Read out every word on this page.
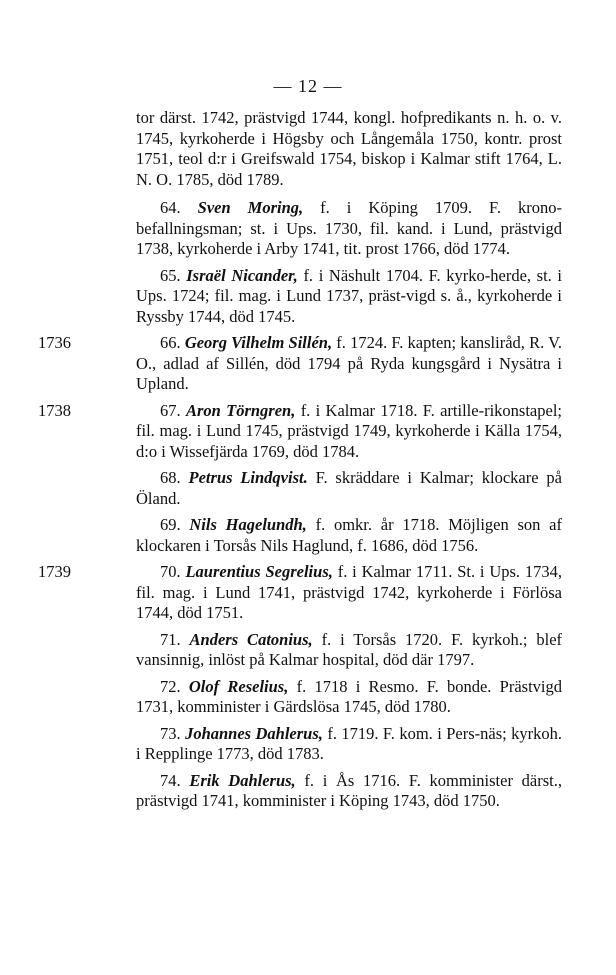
— 12 —

tor därst. 1742, prästvigd 1744, kongl. hofpredikants n. h. o. v. 1745, kyrkoherde i Högsby och Långemåla 1750, kontr. prost 1751, teol d:r i Greifswald 1754, biskop i Kalmar stift 1764, L. N. O. 1785, död 1789.

64. Sven Moring, f. i Köping 1709. F. krono-befallningsman; st. i Ups. 1730, fil. kand. i Lund, prästvigd 1738, kyrkoherde i Arby 1741, tit. prost 1766, död 1774.

65. Israël Nicander, f. i Näshult 1704. F. kyrko-herde, st. i Ups. 1724; fil. mag. i Lund 1737, präst-vigd s. å., kyrkoherde i Ryssby 1744, död 1745.

1736	66. Georg Vilhelm Sillén, f. 1724. F. kapten; kansliråd, R. V. O., adlad af Sillén, död 1794 på Ryda kungsgård i Nysätra i Upland.

1738	67. Aron Törngren, f. i Kalmar 1718. F. artille-rikonstapel; fil. mag. i Lund 1745, prästvigd 1749, kyrkoherde i Källa 1754, d:o i Wissefjärda 1769, död 1784.

68. Petrus Lindqvist. F. skräddare i Kalmar; klockare på Öland.

69. Nils Hagelundh, f. omkr. år 1718. Möjligen son af klockaren i Torsås Nils Haglund, f. 1686, död 1756.

1739	70. Laurentius Segrelius, f. i Kalmar 1711. St. i Ups. 1734, fil. mag. i Lund 1741, prästvigd 1742, kyrkoherde i Förlösa 1744, död 1751.

71. Anders Catonius, f. i Torsås 1720. F. kyrkoh.; blef vansinnig, inlöst på Kalmar hospital, död där 1797.

72. Olof Reselius, f. 1718 i Resmo. F. bonde. Prästvigd 1731, komminister i Gärdslösa 1745, död 1780.

73. Johannes Dahlerus, f. 1719. F. kom. i Pers-näs; kyrkoh. i Repplinge 1773, död 1783.

74. Erik Dahlerus, f. i Ås 1716. F. komminister därst., prästvigd 1741, komminister i Köping 1743, död 1750.
